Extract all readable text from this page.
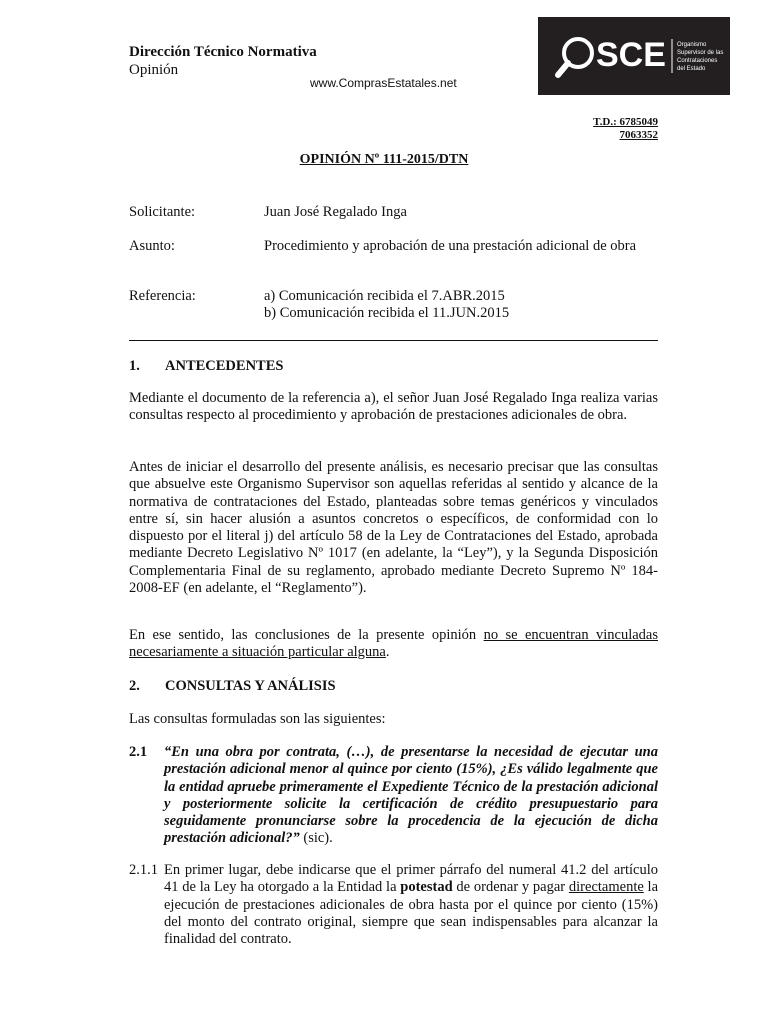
Dirección Técnico Normativa
Opinión
www.ComprasEstatales.net
SCE Organismo
Supervisor de las
Contrataciones
del Estado
T.D.: 6785049
7063352
OPINIÓN Nº 111-2015/DTN
Solicitante:	Juan José Regalado Inga
Asunto:	Procedimiento y aprobación de una prestación adicional de obra
Referencia:	a) Comunicación recibida el 7.ABR.2015
b) Comunicación recibida el 11.JUN.2015
1. ANTECEDENTES
Mediante el documento de la referencia a), el señor Juan José Regalado Inga realiza varias consultas respecto al procedimiento y aprobación de prestaciones adicionales de obra.
Antes de iniciar el desarrollo del presente análisis, es necesario precisar que las consultas que absuelve este Organismo Supervisor son aquellas referidas al sentido y alcance de la normativa de contrataciones del Estado, planteadas sobre temas genéricos y vinculados entre sí, sin hacer alusión a asuntos concretos o específicos, de conformidad con lo dispuesto por el literal j) del artículo 58 de la Ley de Contrataciones del Estado, aprobada mediante Decreto Legislativo Nº 1017 (en adelante, la “Ley”), y la Segunda Disposición Complementaria Final de su reglamento, aprobado mediante Decreto Supremo Nº 184-2008-EF (en adelante, el “Reglamento”).
En ese sentido, las conclusiones de la presente opinión no se encuentran vinculadas necesariamente a situación particular alguna.
2. CONSULTAS Y ANÁLISIS
Las consultas formuladas son las siguientes:
2.1 “En una obra por contrata, (…), de presentarse la necesidad de ejecutar una prestación adicional menor al quince por ciento (15%), ¿Es válido legalmente que la entidad apruebe primeramente el Expediente Técnico de la prestación adicional y posteriormente solicite la certificación de crédito presupuestario para seguidamente pronunciarse sobre la procedencia de la ejecución de dicha prestación adicional?” (sic).
2.1.1 En primer lugar, debe indicarse que el primer párrafo del numeral 41.2 del artículo 41 de la Ley ha otorgado a la Entidad la potestad de ordenar y pagar directamente la ejecución de prestaciones adicionales de obra hasta por el quince por ciento (15%) del monto del contrato original, siempre que sean indispensables para alcanzar la finalidad del contrato.
